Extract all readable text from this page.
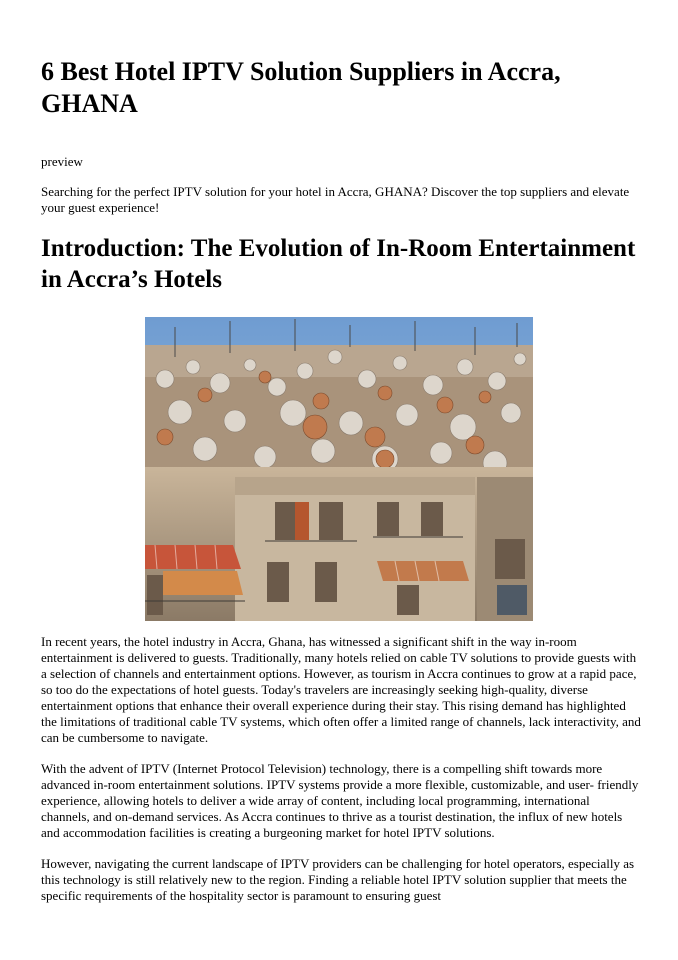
6 Best Hotel IPTV Solution Suppliers in Accra, GHANA

preview

Searching for the perfect IPTV solution for your hotel in Accra, GHANA? Discover the top suppliers and elevate your guest experience!

Introduction: The Evolution of In-Room Entertainment in Accra’s Hotels

In recent years, the hotel industry in Accra, Ghana, has witnessed a significant shift in the way in-room entertainment is delivered to guests. Traditionally, many hotels relied on cable TV solutions to provide guests with a selection of channels and entertainment options. However, as tourism in Accra continues to grow at a rapid pace, so too do the expectations of hotel guests. Today's travelers are increasingly seeking high-quality, diverse entertainment options that enhance their overall experience during their stay. This rising demand has highlighted the limitations of traditional cable TV systems, which often offer a limited range of channels, lack interactivity, and can be cumbersome to navigate.

With the advent of IPTV (Internet Protocol Television) technology, there is a compelling shift towards more advanced in-room entertainment solutions. IPTV systems provide a more flexible, customizable, and user- friendly experience, allowing hotels to deliver a wide array of content, including local programming, international channels, and on-demand services. As Accra continues to thrive as a tourist destination, the influx of new hotels and accommodation facilities is creating a burgeoning market for hotel IPTV solutions.

However, navigating the current landscape of IPTV providers can be challenging for hotel operators, especially as this technology is still relatively new to the region. Finding a reliable hotel IPTV solution supplier that meets the specific requirements of the hospitality sector is paramount to ensuring guest
